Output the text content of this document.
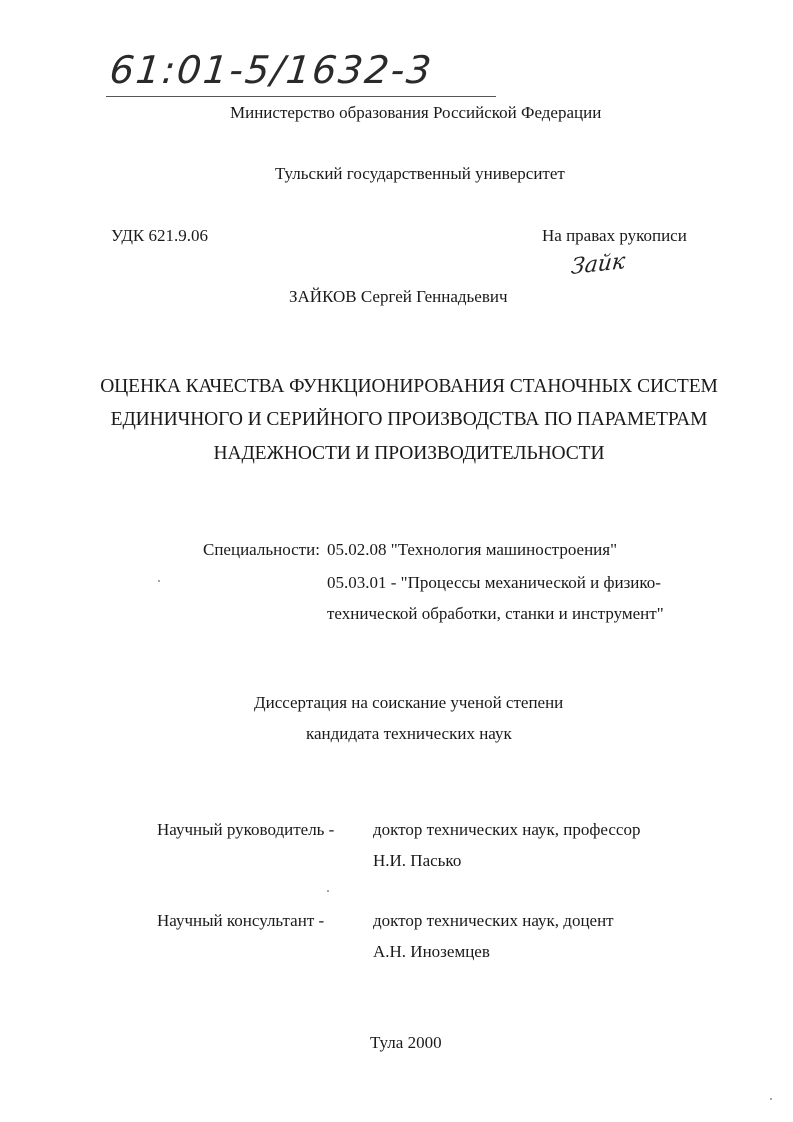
61:01-5/1632-3
Министерство образования Российской Федерации
Тульский государственный университет
УДК 621.9.06	На правах рукописи
Зайк
ЗАЙКОВ Сергей Геннадьевич
ОЦЕНКА КАЧЕСТВА ФУНКЦИОНИРОВАНИЯ СТАНОЧНЫХ СИСТЕМ
ЕДИНИЧНОГО И СЕРИЙНОГО ПРОИЗВОДСТВА ПО ПАРАМЕТРАМ
НАДЕЖНОСТИ И ПРОИЗВОДИТЕЛЬНОСТИ
Специальности: 05.02.08 "Технология машиностроения"
05.03.01 - "Процессы механической и физико-
технической обработки, станки и инструмент"
Диссертация на соискание ученой степени
кандидата технических наук
Научный руководитель - доктор технических наук, профессор
Н.И. Пасько
Научный консультант -	доктор технических наук, доцент
А.Н. Иноземцев
Тула 2000
